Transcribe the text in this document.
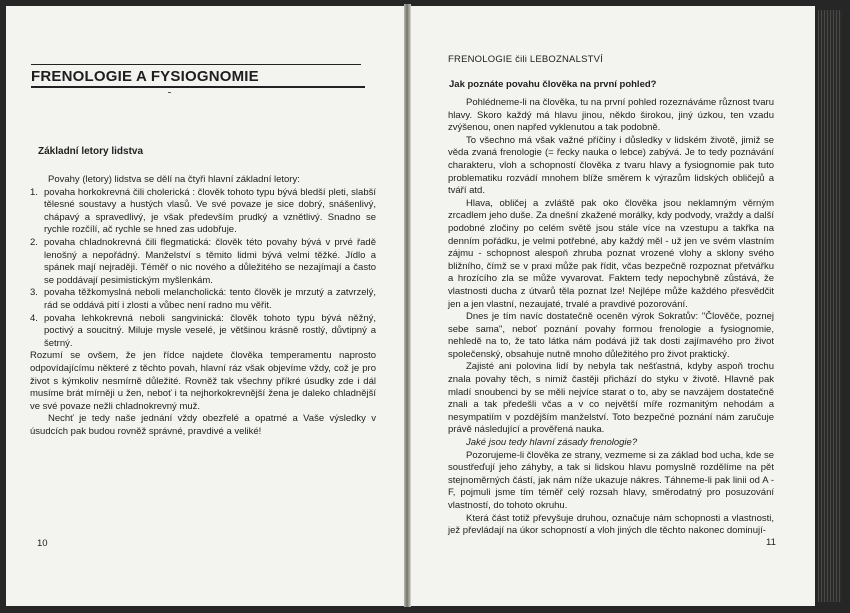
FRENOLOGIE A FYSIOGNOMIE
Základní letory lidstva

Povahy (letory) lidstva se dělí na čtyři hlavní základní letory:

1. povaha horkokrevná čili cholerická : člověk tohoto typu bývá bledší pleti, slabší tělesné soustavy a hustých vlasů. Ve své povaze je sice dobrý, snášenlivý, chápavý a spravedlivý, je však především prudký a vznětlivý. Snadno se rychle rozčílí, ač rychle se hned zas udobřuje.
2. povaha chladnokrevná čili flegmatická: člověk této povahy bývá v prvé řadě lenošný a nepořádný. Manželství s těmito lidmi bývá velmi těžké. Jídlo a spánek mají nejraději. Téměř o nic nového a důležitého se nezajímají a často se poddávají pesimistickým myšlenkám.
3. povaha těžkomyslná neboli melancholická: tento člověk je mrzutý a zatvrzelý, rád se oddává pití i zlosti a vůbec není radno mu věřit.
4. povaha lehkokrevná neboli sangvinická: člověk tohoto typu bývá něžný, poctivý a soucitný. Miluje mysle veselé, je většinou krásně rostlý, důvtipný a šetrný.

Rozumí se ovšem, že jen řídce najdete člověka temperamentu naprosto odpovídajícímu některé z těchto povah, hlavní ráz však objevíme vždy, což je pro život s kýmkoliv nesmírně důležité. Rovněž tak všechny příkré úsudky zde i dál musíme brát mírněji u žen, neboť i ta nejhorkokrevnější žena je daleko chladnější ve své povaze nežli chladnokrevný muž.

Nechť je tedy naše jednání vždy obezřelé a opatrné a Vaše výsledky v úsudcích pak budou rovněž správné, pravdivé a veliké!

10
FRENOLOGIE čili LEBOZNALSTVÍ
Jak poznáte povahu člověka na první pohled?

Pohlédneme-li na člověka, tu na první pohled rozeznáváme různost tvaru hlavy. Skoro každý má hlavu jinou, někdo širokou, jiný úzkou, ten vzadu zvýšenou, onen napřed vyklenutou a tak podobně.

To všechno má však važné příčiny i důsledky v lidském životě, jimiž se věda zvaná frenologie (= řecky nauka o lebce) zabývá. Je to tedy poznávání charakteru, vloh a schopností člověka z tvaru hlavy a fysiognomie pak tuto problematiku rozvádí mnohem blíže směrem k výrazům lidských obličejů a tváří atd.

Hlava, obličej a zvláště pak oko člověka jsou neklamným věrným zrcadlem jeho duše. Za dnešní zkažené morálky, kdy podvody, vraždy a další podobné zločiny po celém světě jsou stále více na vzestupu a takřka na denním pořádku, je velmi potřebné, aby každý měl - už jen ve svém vlastním zájmu - schopnost alespoň zhruba poznat vrozené vlohy a sklony svého bližního, čímž se v praxi může pak řídit, včas bezpečně rozpoznat přetvářku a hrozícího zla se může vyvarovat. Faktem tedy nepochybně zůstává, že vlastnosti ducha z útvarů těla poznat lze! Nejlépe může každého přesvědčit jen a jen vlastní, nezaujaté, trvalé a pravdivé pozorování.

Dnes je tím navíc dostatečně oceněn výrok Sokratův: "Člověče, poznej sebe sama", neboť poznání povahy formou frenologie a fysiognomie, nehledě na to, že tato látka nám podává již tak dosti zajímavého pro život společenský, obsahuje nutně mnoho důležitého pro život praktický.

Zajisté ani polovina lidí by nebyla tak nešťastná, kdyby aspoň trochu znala povahy těch, s nimiž častěji přichází do styku v životě. Hlavně pak mladí snoubenci by se měli nejvíce starat o to, aby se navzájem dostatečně znali a tak předešli včas a v co největší míře rozmanitým nehodám a nesympatiím v pozdějším manželství. Toto bezpečné poznání nám zaručuje právě následující a prověřená nauka.

Jaké jsou tedy hlavní zásady frenologie?

Pozorujeme-li člověka ze strany, vezmeme si za základ bod ucha, kde se soustřeďují jeho záhyby, a tak si lidskou hlavu pomyslně rozdělíme na pět stejnoměrných částí, jak nám níže ukazuje nákres. Táhneme-li pak linii od A - F, pojmuli jsme tím téměř celý rozsah hlavy, směrodatný pro posuzování vlastností, do tohoto okruhu.

Která část totiž převyšuje druhou, označuje nám schopnosti a vlastnosti, jež převládají na úkor schopností a vloh jiných dle těchto nakonec dominují-

11
